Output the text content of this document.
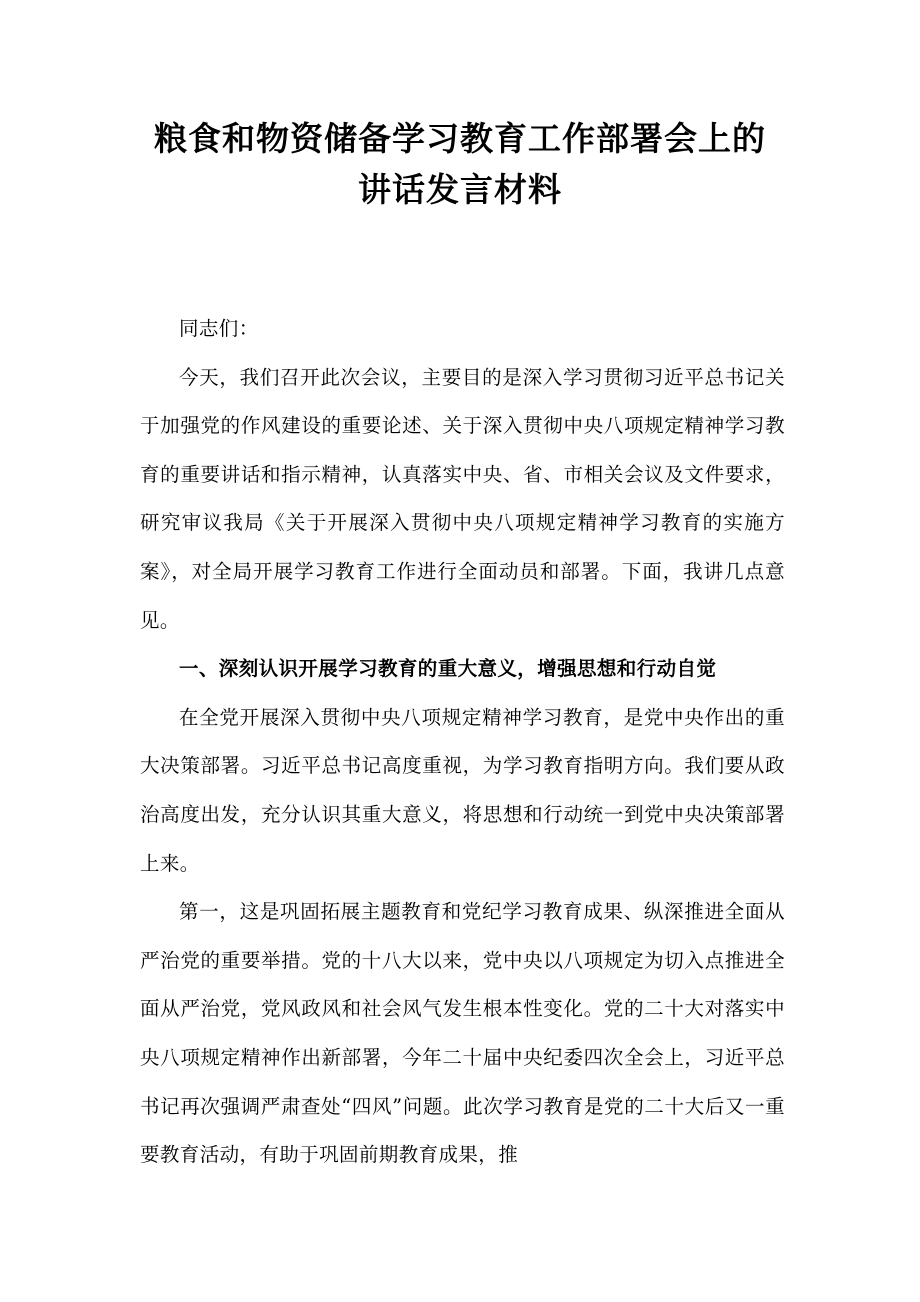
粮食和物资储备学习教育工作部署会上的
讲话发言材料

同志们：

今天，我们召开此次会议，主要目的是深入学习贯彻习近平总书记关于加强党的作风建设的重要论述、关于深入贯彻中央八项规定精神学习教育的重要讲话和指示精神，认真落实中央、省、市相关会议及文件要求，研究审议我局《关于开展深入贯彻中央八项规定精神学习教育的实施方案》，对全局开展学习教育工作进行全面动员和部署。下面，我讲几点意见。

一、深刻认识开展学习教育的重大意义，增强思想和行动自觉

在全党开展深入贯彻中央八项规定精神学习教育，是党中央作出的重大决策部署。习近平总书记高度重视，为学习教育指明方向。我们要从政治高度出发，充分认识其重大意义，将思想和行动统一到党中央决策部署上来。

第一，这是巩固拓展主题教育和党纪学习教育成果、纵深推进全面从严治党的重要举措。党的十八大以来，党中央以八项规定为切入点推进全面从严治党，党风政风和社会风气发生根本性变化。党的二十大对落实中央八项规定精神作出新部署，今年二十届中央纪委四次全会上，习近平总书记再次强调严肃查处“四风”问题。此次学习教育是党的二十大后又一重要教育活动，有助于巩固前期教育成果，推
